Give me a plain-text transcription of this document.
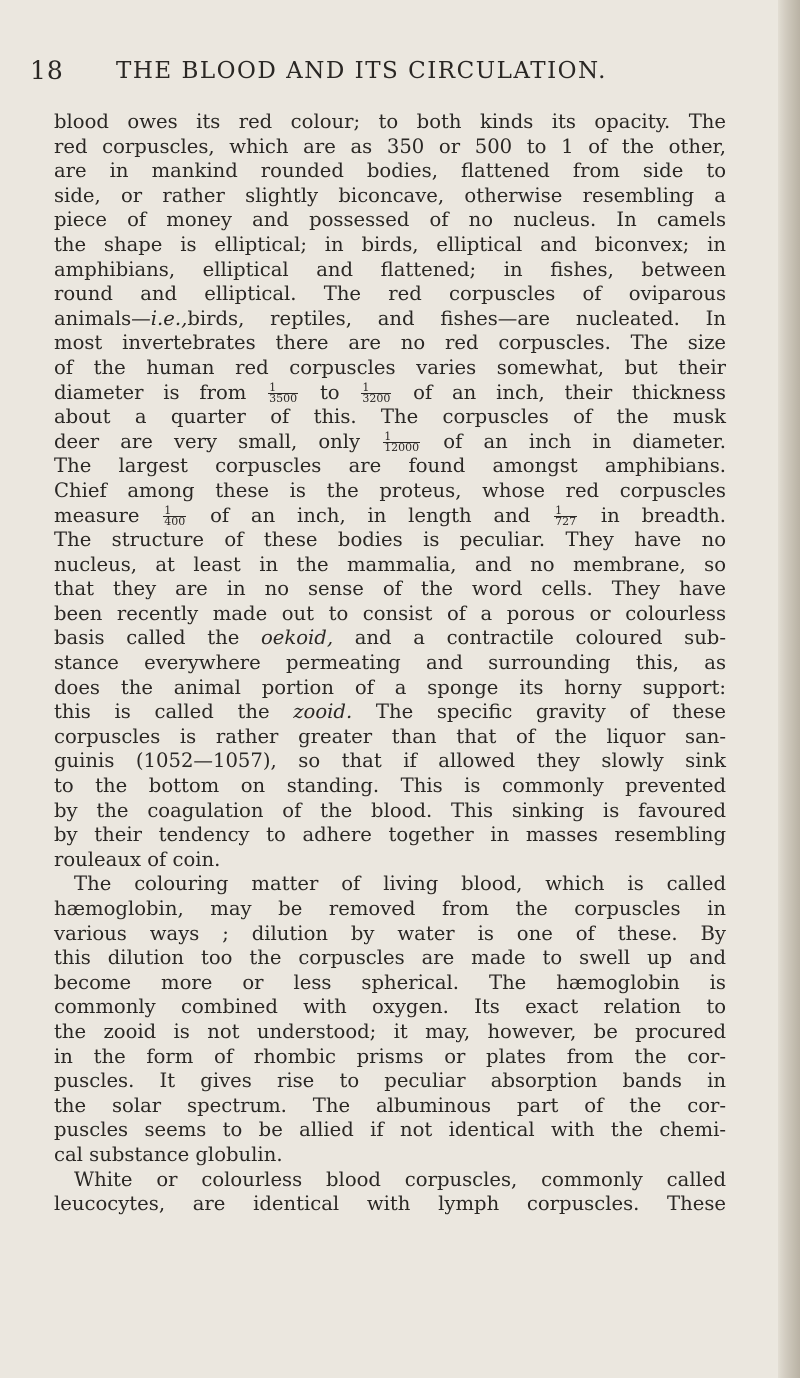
18 THE BLOOD AND ITS CIRCULATION.
blood owes its red colour; to both kinds its opacity. The
red corpuscles, which are as 350 or 500 to 1 of the other,
are in mankind rounded bodies, flattened from side to
side, or rather slightly biconcave, otherwise resembling a
piece of money and possessed of no nucleus. In camels
the shape is elliptical; in birds, elliptical and biconvex; in
amphibians, elliptical and flattened; in fishes, between
round and elliptical. The red corpuscles of oviparous
animals—i.e.,birds, reptiles, and fishes—are nucleated. In
most invertebrates there are no red corpuscles. The size
of the human red corpuscles varies somewhat, but their
diameter is from $\frac{1}{3500}$ to $\frac{1}{3200}$ of an inch, their thickness
about a quarter of this. The corpuscles of the musk
deer are very small, only $\frac{1}{12000}$ of an inch in diameter.
The largest corpuscles are found amongst amphibians.
Chief among these is the proteus, whose red corpuscles
measure $\frac{1}{400}$ of an inch, in length and $\frac{1}{727}$ in breadth.
The structure of these bodies is peculiar. They have no
nucleus, at least in the mammalia, and no membrane, so
that they are in no sense of the word cells. They have
been recently made out to consist of a porous or colourless
basis called the oekoid, and a contractile coloured sub-
stance everywhere permeating and surrounding this, as
does the animal portion of a sponge its horny support:
this is called the zooid. The specific gravity of these
corpuscles is rather greater than that of the liquor san-
guinis (1052—1057), so that if allowed they slowly sink
to the bottom on standing. This is commonly prevented
by the coagulation of the blood. This sinking is favoured
by their tendency to adhere together in masses resembling
rouleaux of coin.
The colouring matter of living blood, which is called
hæmoglobin, may be removed from the corpuscles in
various ways ; dilution by water is one of these. By
this dilution too the corpuscles are made to swell up and
become more or less spherical. The hæmoglobin is
commonly combined with oxygen. Its exact relation to
the zooid is not understood; it may, however, be procured
in the form of rhombic prisms or plates from the cor-
puscles. It gives rise to peculiar absorption bands in
the solar spectrum. The albuminous part of the cor-
puscles seems to be allied if not identical with the chemi-
cal substance globulin.
White or colourless blood corpuscles, commonly called
leucocytes, are identical with lymph corpuscles. These
